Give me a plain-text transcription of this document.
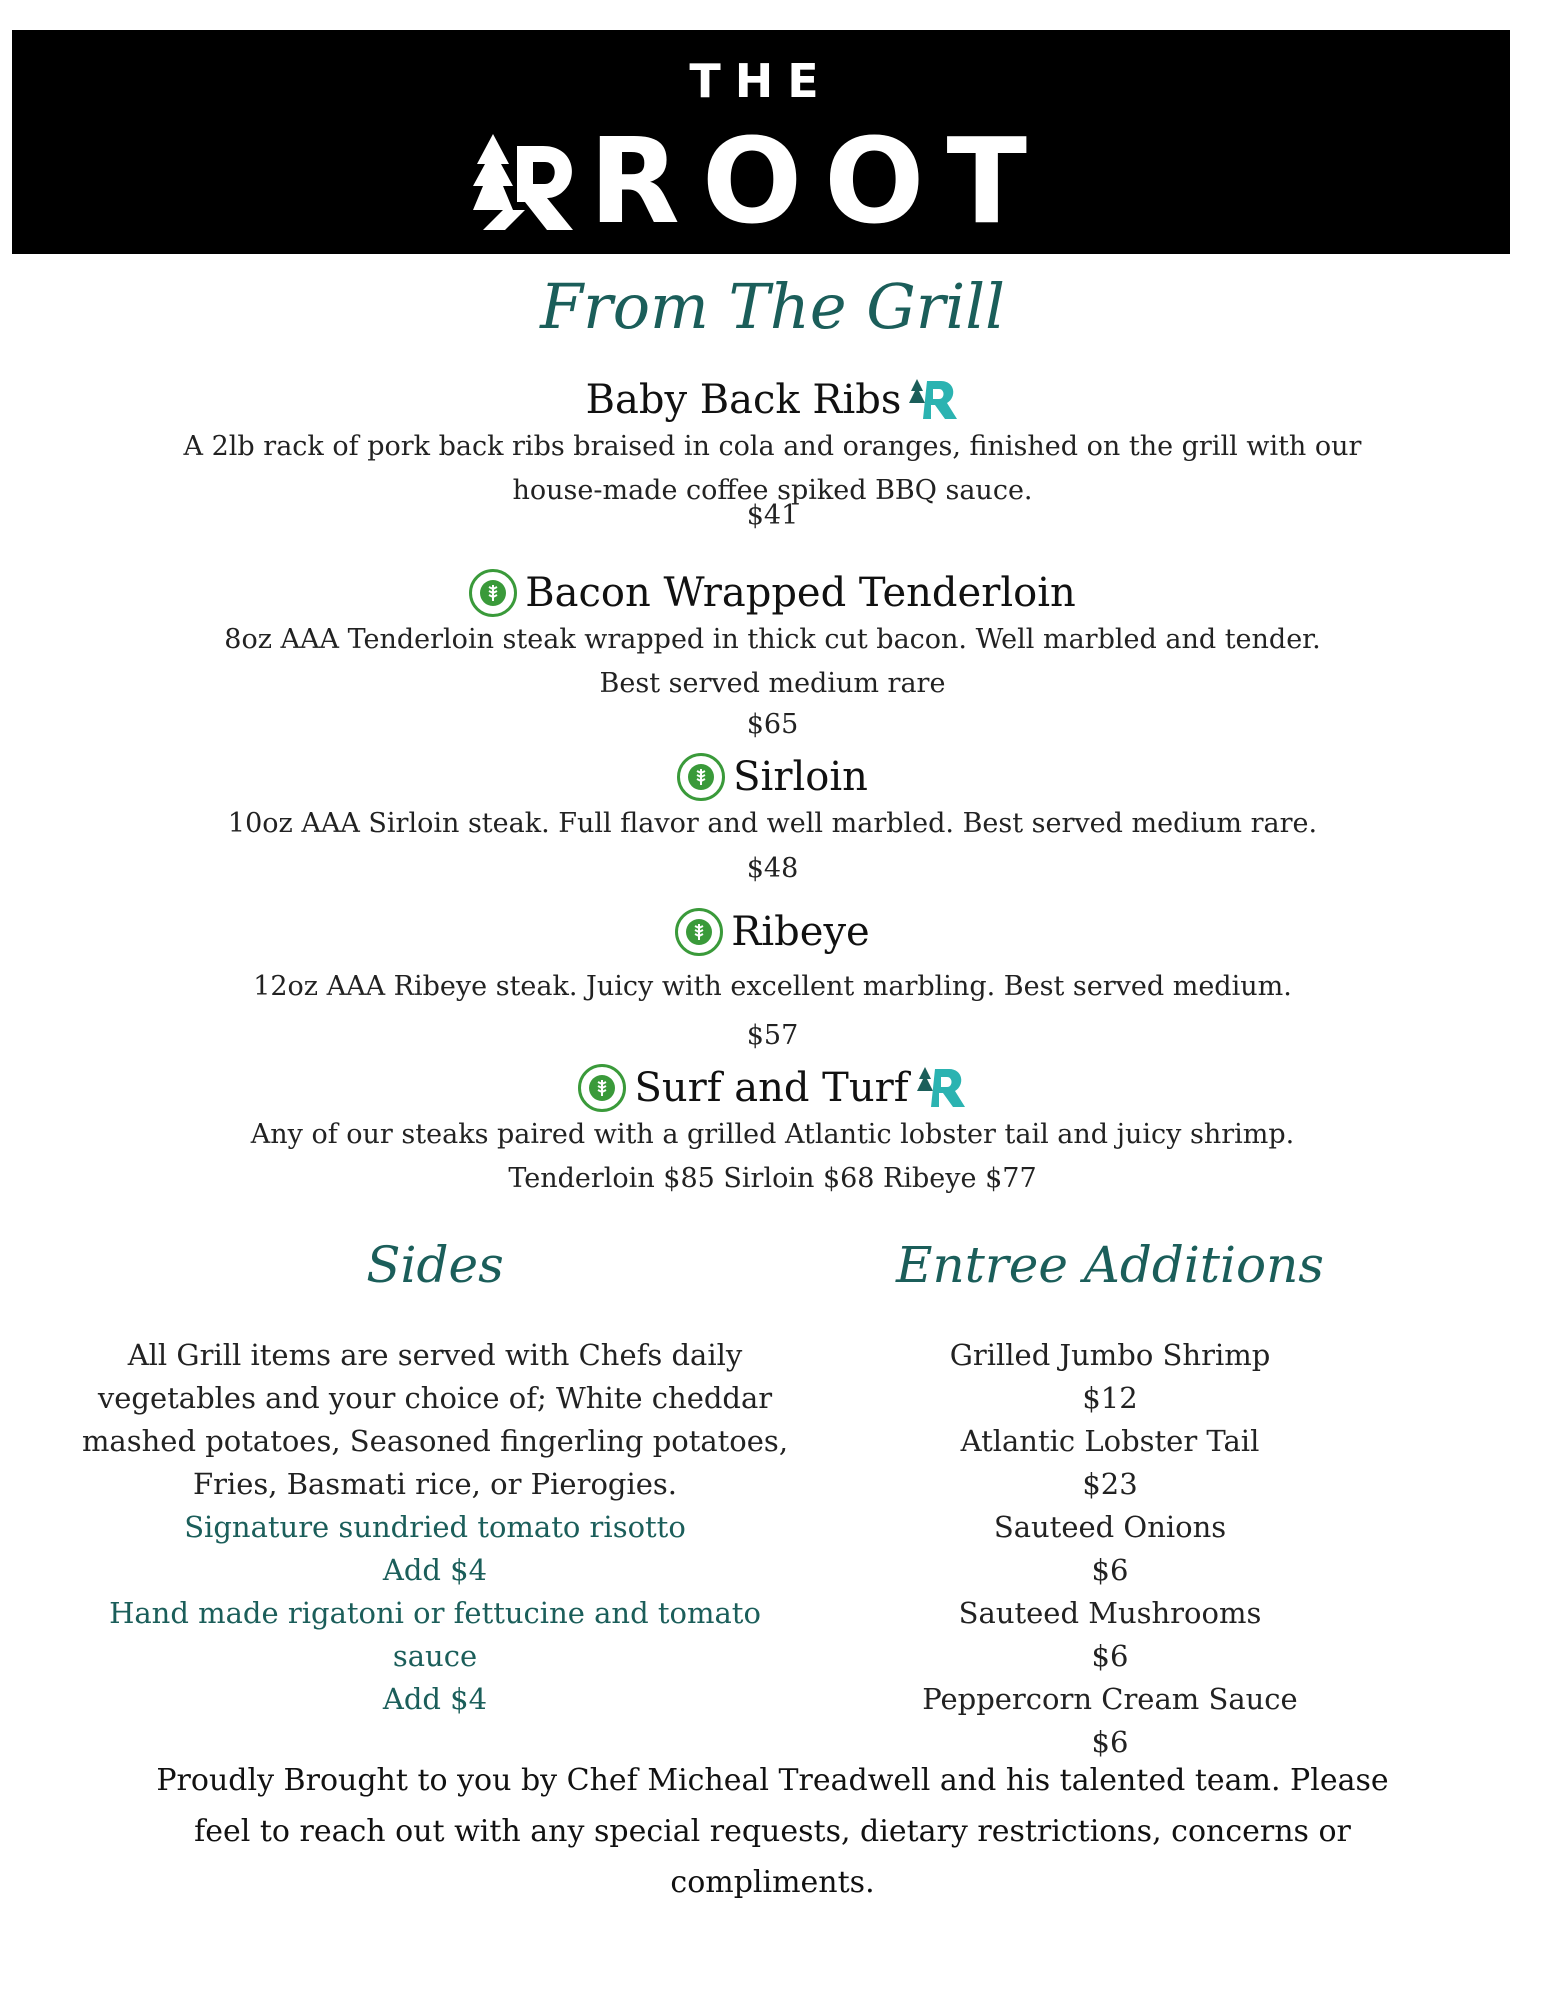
THE
ROOT
From The Grill
Baby Back Ribs
A 2lb rack of pork back ribs braised in cola and oranges, finished on the grill with our
house-made coffee spiked BBQ sauce.
$41
Bacon Wrapped Tenderloin
8oz AAA Tenderloin steak wrapped in thick cut bacon. Well marbled and tender.
Best served medium rare
$65
Sirloin
10oz AAA Sirloin steak. Full flavor and well marbled. Best served medium rare.
$48
Ribeye
12oz AAA Ribeye steak. Juicy with excellent marbling. Best served medium.
$57
Surf and Turf
Any of our steaks paired with a grilled Atlantic lobster tail and juicy shrimp.
Tenderloin $85 Sirloin $68 Ribeye $77
Sides
All Grill items are served with Chefs daily
vegetables and your choice of; White cheddar
mashed potatoes, Seasoned fingerling potatoes,
Fries, Basmati rice, or Pierogies.
Signature sundried tomato risotto
Add $4
Hand made rigatoni or fettucine and tomato
sauce
Add $4
Entree Additions
Grilled Jumbo Shrimp
$12
Atlantic Lobster Tail
$23
Sauteed Onions
$6
Sauteed Mushrooms
$6
Peppercorn Cream Sauce
$6
Proudly Brought to you by Chef Micheal Treadwell and his talented team. Please
feel to reach out with any special requests, dietary restrictions, concerns or
compliments.
